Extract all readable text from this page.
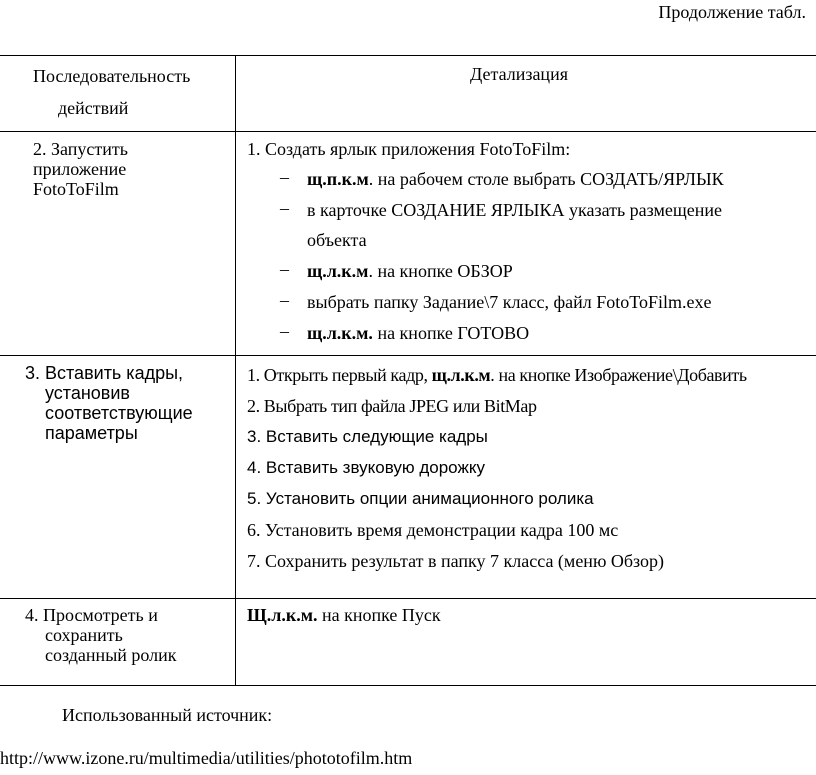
Продолжение табл.
Последовательность
действий
Детализация
2. Запустить
приложение
FotoToFilm
1. Создать ярлык приложения FotoToFilm:
– щ.п.к.м. на рабочем столе выбрать СОЗДАТЬ/ЯРЛЫК
– в карточке СОЗДАНИЕ ЯРЛЫКА указать размещение
объекта
– щ.л.к.м. на кнопке ОБЗОР
– выбрать папку Задание\7 класс, файл FotoToFilm.exe
– щ.л.к.м. на кнопке ГОТОВО
3. Вставить кадры,
установив
соответствующие
параметры
1. Открыть первый кадр, щ.л.к.м. на кнопке Изображение\Добавить
2. Выбрать тип файла JPEG или BitMap
3. Вставить следующие кадры
4. Вставить звуковую дорожку
5. Установить опции анимационного ролика
6. Установить время демонстрации кадра 100 мс
7. Сохранить результат в папку 7 класса (меню Обзор)
4. Просмотреть и
сохранить
созданный ролик
Щ.л.к.м. на кнопке Пуск
Использованный источник:
http://www.izone.ru/multimedia/utilities/phototofilm.htm
